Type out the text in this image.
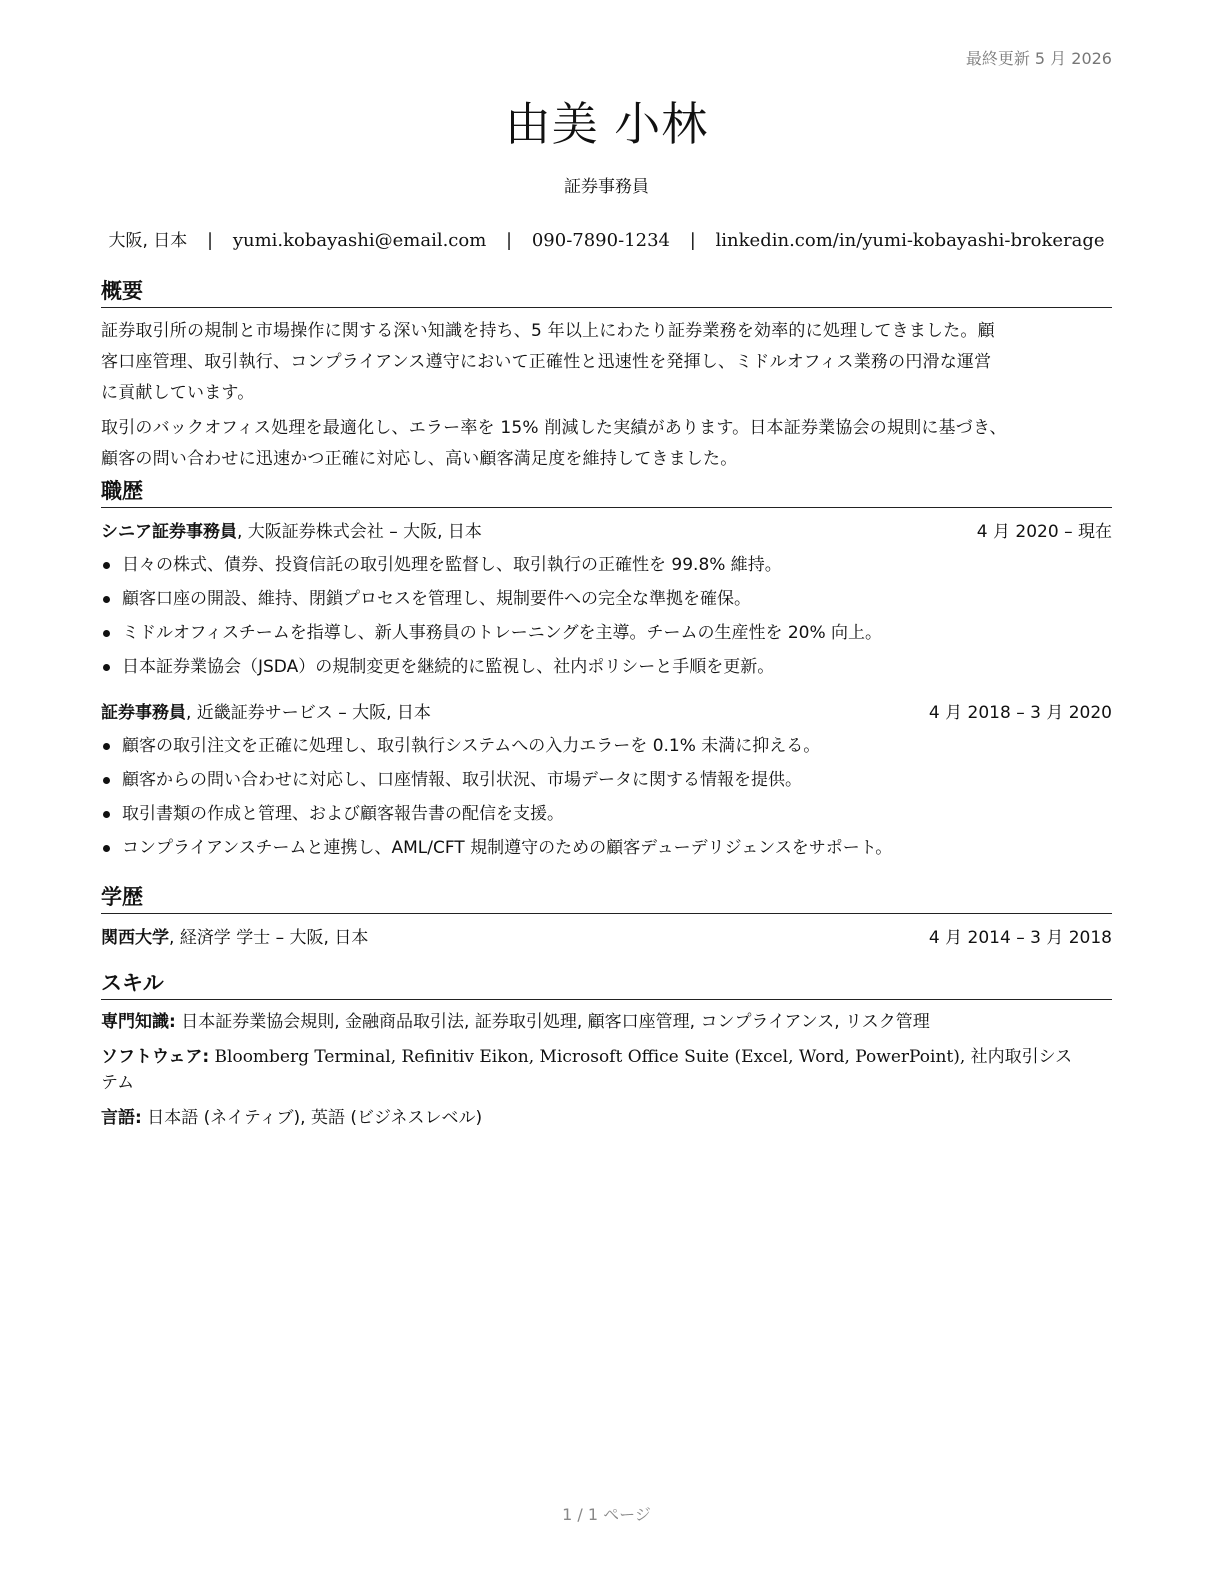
最終更新 5 月 2026
由美 小林
証券事務員
大阪, 日本 | yumi.kobayashi@email.com | 090-7890-1234 | linkedin.com/in/yumi-kobayashi-brokerage
概要
証券取引所の規制と市場操作に関する深い知識を持ち、5 年以上にわたり証券業務を効率的に処理してきました。顧
客口座管理、取引執行、コンプライアンス遵守において正確性と迅速性を発揮し、ミドルオフィス業務の円滑な運営
に貢献しています。
取引のバックオフィス処理を最適化し、エラー率を 15% 削減した実績があります。日本証券業協会の規則に基づき、
顧客の問い合わせに迅速かつ正確に対応し、高い顧客満足度を維持してきました。
職歴
シニア証券事務員, 大阪証券株式会社 – 大阪, 日本	4 月 2020 – 現在
日々の株式、債券、投資信託の取引処理を監督し、取引執行の正確性を 99.8% 維持。
顧客口座の開設、維持、閉鎖プロセスを管理し、規制要件への完全な準拠を確保。
ミドルオフィスチームを指導し、新人事務員のトレーニングを主導。チームの生産性を 20% 向上。
日本証券業協会（JSDA）の規制変更を継続的に監視し、社内ポリシーと手順を更新。
証券事務員, 近畿証券サービス – 大阪, 日本	4 月 2018 – 3 月 2020
顧客の取引注文を正確に処理し、取引執行システムへの入力エラーを 0.1% 未満に抑える。
顧客からの問い合わせに対応し、口座情報、取引状況、市場データに関する情報を提供。
取引書類の作成と管理、および顧客報告書の配信を支援。
コンプライアンスチームと連携し、AML/CFT 規制遵守のための顧客デューデリジェンスをサポート。
学歴
関西大学, 経済学 学士 – 大阪, 日本	4 月 2014 – 3 月 2018
スキル
専門知識: 日本証券業協会規則, 金融商品取引法, 証券取引処理, 顧客口座管理, コンプライアンス, リスク管理
ソフトウェア: Bloomberg Terminal, Refinitiv Eikon, Microsoft Office Suite (Excel, Word, PowerPoint), 社内取引シス
テム
言語: 日本語 (ネイティブ), 英語 (ビジネスレベル)
1 / 1 ページ
